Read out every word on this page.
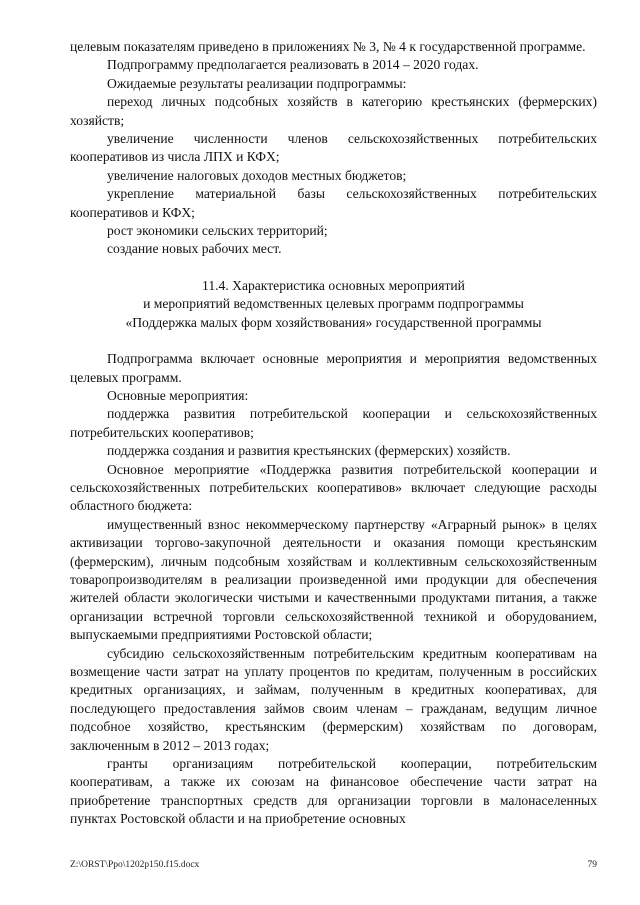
целевым показателям приведено в приложениях № 3, № 4 к государственной программе.

Подпрограмму предполагается реализовать в 2014 – 2020 годах.

Ожидаемые результаты реализации подпрограммы:

переход личных подсобных хозяйств в категорию крестьянских (фермерских) хозяйств;

увеличение численности членов сельскохозяйственных потребительских кооперативов из числа ЛПХ и КФХ;

увеличение налоговых доходов местных бюджетов;

укрепление материальной базы сельскохозяйственных потребительских кооперативов и КФХ;

рост экономики сельских территорий;

создание новых рабочих мест.

11.4. Характеристика основных мероприятий

и мероприятий ведомственных целевых программ подпрограммы

«Поддержка малых форм хозяйствования» государственной программы

Подпрограмма включает основные мероприятия и мероприятия ведомственных целевых программ.

Основные мероприятия:

поддержка развития потребительской кооперации и сельскохозяйственных потребительских кооперативов;

поддержка создания и развития крестьянских (фермерских) хозяйств.

Основное мероприятие «Поддержка развития потребительской кооперации и сельскохозяйственных потребительских кооперативов» включает следующие расходы областного бюджета:

имущественный взнос некоммерческому партнерству «Аграрный рынок» в целях активизации торгово-закупочной деятельности и оказания помощи крестьянским (фермерским), личным подсобным хозяйствам и коллективным сельскохозяйственным товаропроизводителям в реализации произведенной ими продукции для обеспечения жителей области экологически чистыми и качественными продуктами питания, а также организации встречной торговли сельскохозяйственной техникой и оборудованием, выпускаемыми предприятиями Ростовской области;

субсидию сельскохозяйственным потребительским кредитным кооперативам на возмещение части затрат на уплату процентов по кредитам, полученным в российских кредитных организациях, и займам, полученным в кредитных кооперативах, для последующего предоставления займов своим членам – гражданам, ведущим личное подсобное хозяйство, крестьянским (фермерским) хозяйствам по договорам, заключенным в 2012 – 2013 годах;

гранты организациям потребительской кооперации, потребительским кооперативам, а также их союзам на финансовое обеспечение части затрат на приобретение транспортных средств для организации торговли в малонаселенных пунктах Ростовской области и на приобретение основных

Z:\ORST\Ppo\1202p150.f15.docx	79
